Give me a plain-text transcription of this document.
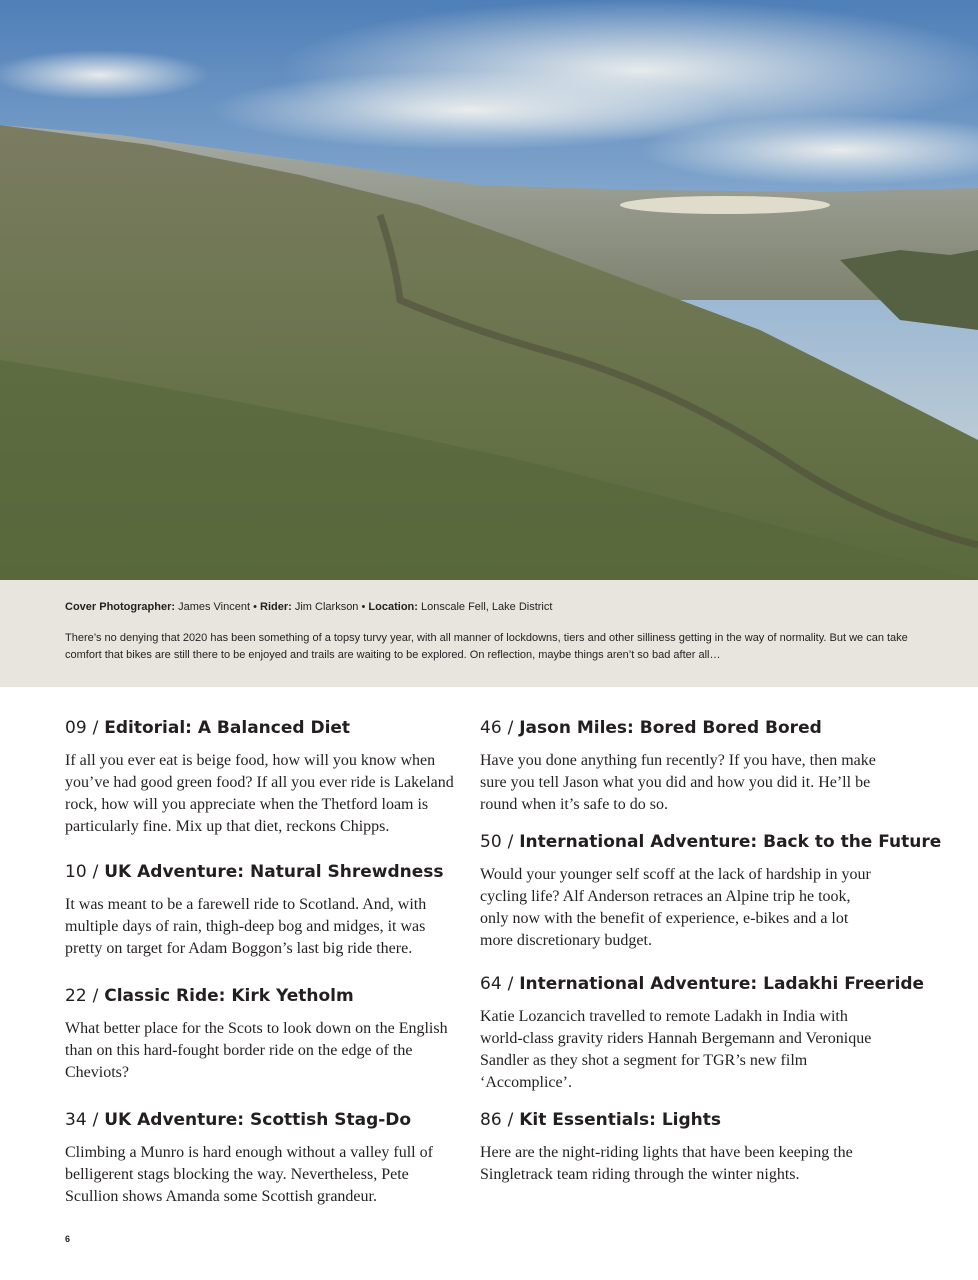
Cover Photographer: James Vincent • Rider: Jim Clarkson • Location: Lonscale Fell, Lake District
There’s no denying that 2020 has been something of a topsy turvy year, with all manner of lockdowns, tiers and other silliness getting in the way of normality. But we can take comfort that bikes are still there to be enjoyed and trails are waiting to be explored. On reflection, maybe things aren’t so bad after all…
09 / Editorial: A Balanced Diet

If all you ever eat is beige food, how will you know when you’ve had good green food? If all you ever ride is Lakeland rock, how will you appreciate when the Thetford loam is particularly fine. Mix up that diet, reckons Chipps.

10 / UK Adventure: Natural Shrewdness

It was meant to be a farewell ride to Scotland. And, with multiple days of rain, thigh-deep bog and midges, it was pretty on target for Adam Boggon’s last big ride there.

22 / Classic Ride: Kirk Yetholm

What better place for the Scots to look down on the English than on this hard-fought border ride on the edge of the Cheviots?

34 / UK Adventure: Scottish Stag-Do

Climbing a Munro is hard enough without a valley full of belligerent stags blocking the way. Nevertheless, Pete Scullion shows Amanda some Scottish grandeur.

46 / Jason Miles: Bored Bored Bored

Have you done anything fun recently? If you have, then make sure you tell Jason what you did and how you did it. He’ll be round when it’s safe to do so.

50 / International Adventure: Back to the Future

Would your younger self scoff at the lack of hardship in your cycling life? Alf Anderson retraces an Alpine trip he took, only now with the benefit of experience, e-bikes and a lot more discretionary budget.

64 / International Adventure: Ladakhi Freeride

Katie Lozancich travelled to remote Ladakh in India with world-class gravity riders Hannah Bergemann and Veronique Sandler as they shot a segment for TGR’s new film ‘Accomplice’.

86 / Kit Essentials: Lights

Here are the night-riding lights that have been keeping the Singletrack team riding through the winter nights.

6
